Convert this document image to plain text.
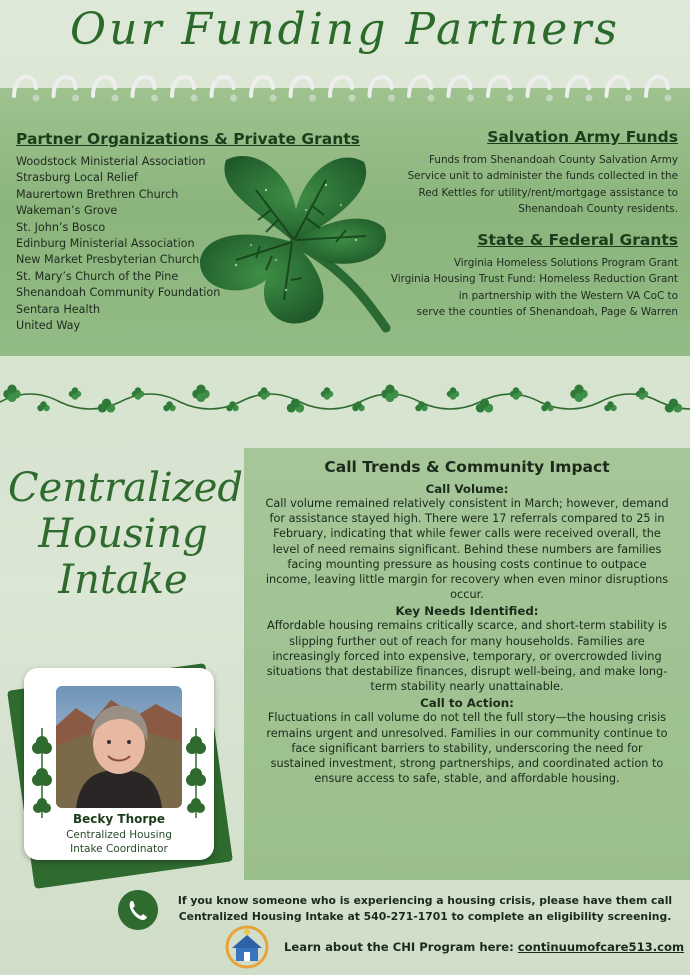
Our Funding Partners
Partner Organizations & Private Grants
Woodstock Ministerial Association
Strasburg Local Relief
Maurertown Brethren Church
Wakeman’s Grove
St. John’s Bosco
Edinburg Ministerial Association
New Market Presbyterian Church
St. Mary’s Church of the Pine
Shenandoah Community Foundation
Sentara Health
United Way
Salvation Army Funds

Funds from Shenandoah County Salvation Army

Service unit to administer the funds collected in the

Red Kettles for utility/rent/mortgage assistance to

Shenandoah County residents.

State & Federal Grants

Virginia Homeless Solutions Program Grant

Virginia Housing Trust Fund: Homeless Reduction Grant

in partnership with the Western VA CoC to

serve the counties of Shenandoah, Page & Warren

Centralized
Housing
Intake
Becky Thorpe
Centralized Housing Intake Coordinator
Call Trends & Community Impact
Call Volume:

Call volume remained relatively consistent in March; however, demand for assistance stayed high. There were 17 referrals compared to 25 in February, indicating that while fewer calls were received overall, the level of need remains significant. Behind these numbers are families facing mounting pressure as housing costs continue to outpace income, leaving little margin for recovery when even minor disruptions occur.

Key Needs Identified:

Affordable housing remains critically scarce, and short-term stability is slipping further out of reach for many households. Families are increasingly forced into expensive, temporary, or overcrowded living situations that destabilize finances, disrupt well-being, and make long-term stability nearly unattainable.

Call to Action:

Fluctuations in call volume do not tell the full story—the housing crisis remains urgent and unresolved. Families in our community continue to face significant barriers to stability, underscoring the need for sustained investment, strong partnerships, and coordinated action to ensure access to safe, stable, and affordable housing.

If you know someone who is experiencing a housing crisis, please have them call
Centralized Housing Intake at 540-271-1701 to complete an eligibility screening.
Learn about the CHI Program here: continuumofcare513.com
